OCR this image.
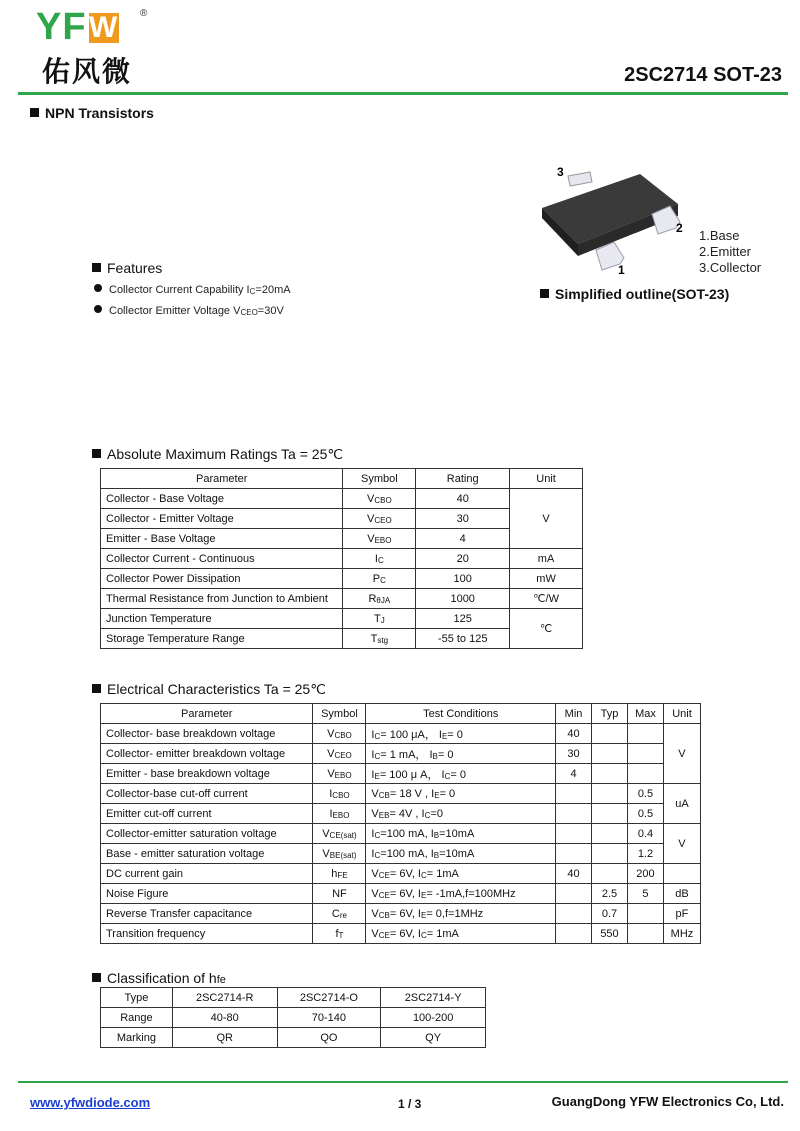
YFW ®
佑风微	2SC2714 SOT-23
NPN Transistors
3
2
1
1.Base
2.Emitter
3.Collector
Simplified outline(SOT-23)
Features
Collector Current Capability IC=20mA
Collector Emitter Voltage VCEO=30V
Absolute Maximum Ratings Ta = 25℃
Parameter	Symbol	Rating	Unit
Collector - Base Voltage	VCBO	40	V
Collector - Emitter Voltage	VCEO	30	
Emitter - Base Voltage	VEBO	4	
Collector Current - Continuous	IC	20	mA
Collector Power Dissipation	PC	100	mW
Thermal Resistance from Junction to Ambient	RθJA	1000	℃/W
Junction Temperature	TJ	125	℃
Storage Temperature Range	Tstg	-55 to 125	
Electrical Characteristics Ta = 25℃
Parameter	Symbol	Test Conditions	Min	Typ	Max	Unit
Collector- base breakdown voltage	VCBO	$I_C= 100$ μA， $I_E= 0$	40			V
Collector- emitter breakdown voltage	VCEO	$I_C= 1$ mA， $I_B= 0$	30			
Emitter - base breakdown voltage	VEBO	$I_E= 100$ μ A， $I_C= 0$	4			
Collector-base cut-off current	ICBO	$V_{CB}= 18$ V , $I_E= 0$			0.5	uA
Emitter cut-off current	IEBO	$V_{EB}= 4V$ , $I_C=0$			0.5	
Collector-emitter saturation voltage	VCE(sat)	$I_C=100$ mA, $I_B=10mA$			0.4	V
Base - emitter saturation voltage	VBE(sat)	$I_C=100$ mA, $I_B=10mA$			1.2	
DC current gain	hFE	$V_{CE}= 6V$, $I_C= 1mA$	40		200	
Noise Figure	NF	$V_{CE}= 6V$, $I_E= -1mA,f=100MHz$		2.5	5	dB
Reverse Transfer capacitance	Cre	$V_{CB}= 6V$, $I_E= 0,f=1MHz$		0.7		pF
Transition frequency	fT	$V_{CE}= 6V$, $I_C= 1mA$		550		MHz
Classification of hfe
Type	2SC2714-R	2SC2714-O	2SC2714-Y
Range	40-80	70-140	100-200
Marking	QR	QO	QY
www.yfwdiode.com	1 / 3	GuangDong YFW Electronics Co, Ltd.
